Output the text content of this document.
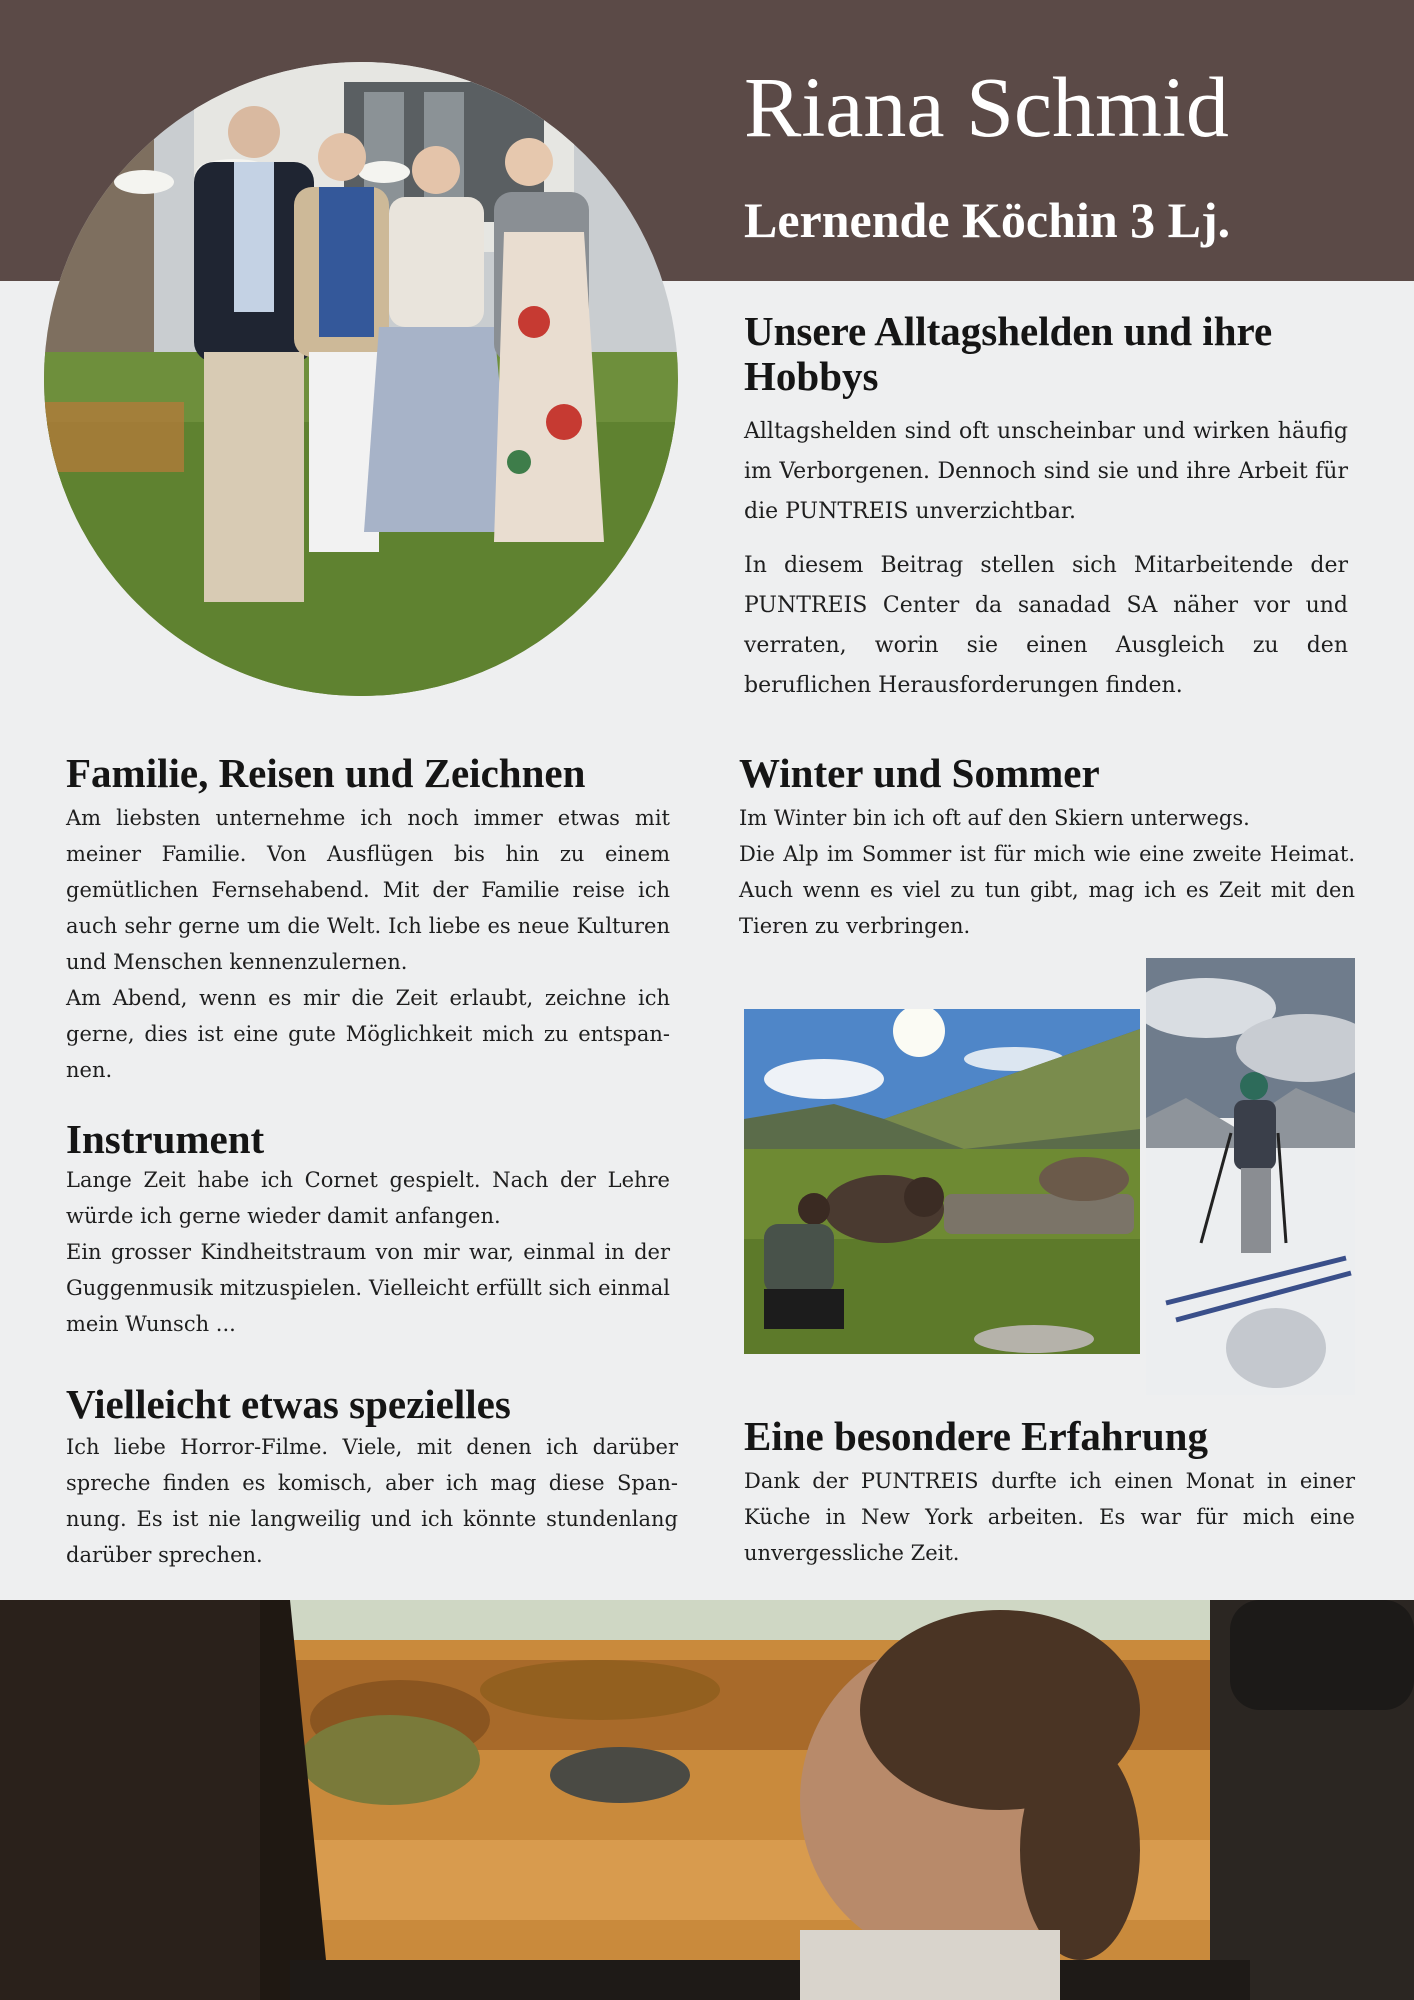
Riana Schmid
Lernende Köchin 3 Lj.
Unsere Alltagshelden und ihre Hobbys

Alltagshelden sind oft unscheinbar und wirken häufig im Verborgenen. Dennoch sind sie und ihre Arbeit für die PUNTREIS unverzichtbar.

In diesem Beitrag stellen sich Mitarbeitende der PUNTREIS Center da sanadad SA näher vor und verraten, worin sie einen Ausgleich zu den beruflichen Herausforderungen finden.

Familie, Reisen und Zeichnen

Am liebsten unternehme ich noch immer etwas mit meiner Familie. Von Ausflügen bis hin zu einem gemütlichen Fernsehabend. Mit der Familie reise ich auch sehr gerne um die Welt. Ich liebe es neue Kulturen und Menschen kennenzulernen.

Am Abend, wenn es mir die Zeit erlaubt, zeichne ich gerne, dies ist eine gute Möglichkeit mich zu entspannen.

Instrument

Lange Zeit habe ich Cornet gespielt. Nach der Lehre würde ich gerne wieder damit anfangen.

Ein grosser Kindheitstraum von mir war, einmal in der Guggenmusik mitzuspielen. Vielleicht erfüllt sich einmal mein Wunsch ...

Vielleicht etwas spezielles

Ich liebe Horror-Filme. Viele, mit denen ich darüber spreche finden es komisch, aber ich mag diese Spannung. Es ist nie langweilig und ich könnte stundenlang darüber sprechen.

Winter und Sommer

Im Winter bin ich oft auf den Skiern unterwegs.

Die Alp im Sommer ist für mich wie eine zweite Heimat. Auch wenn es viel zu tun gibt, mag ich es Zeit mit den Tieren zu verbringen.

Eine besondere Erfahrung

Dank der PUNTREIS durfte ich einen Monat in einer Küche in New York arbeiten. Es war für mich eine unvergessliche Zeit.
